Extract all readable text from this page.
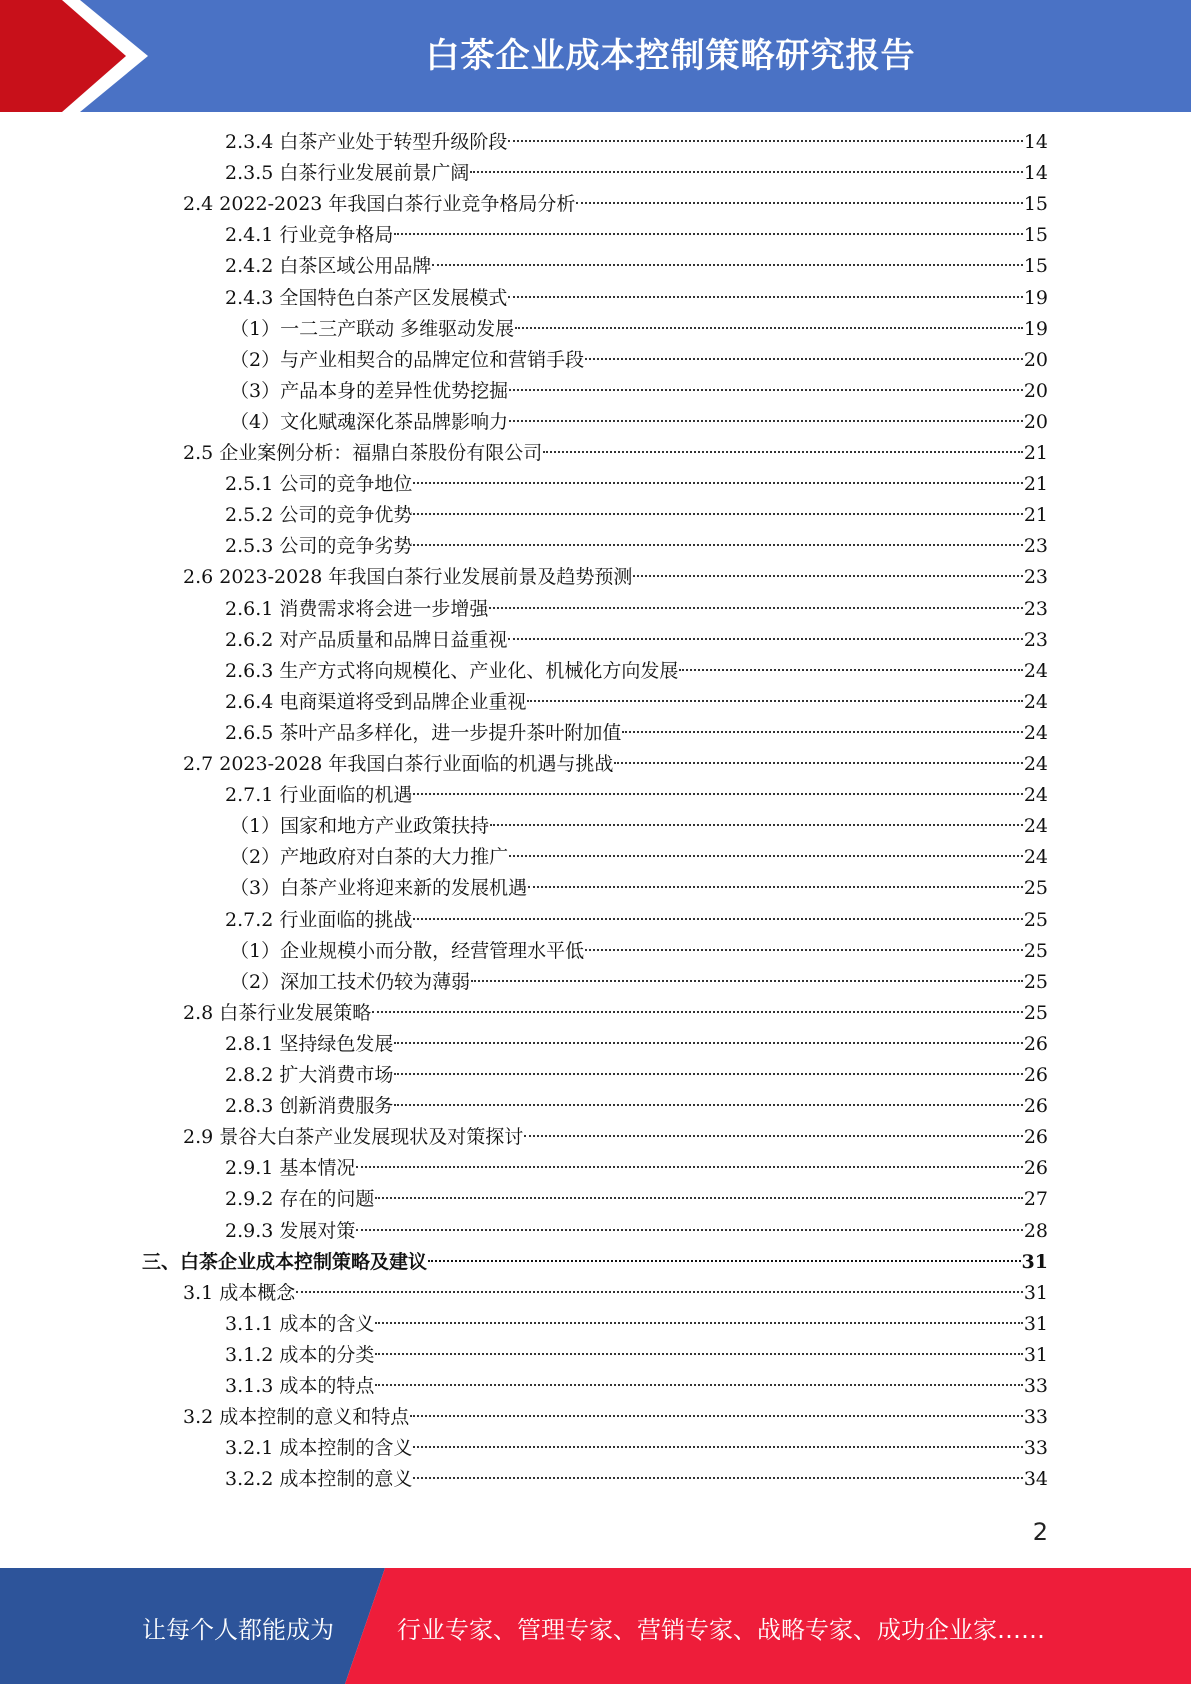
白茶企业成本控制策略研究报告
2.3.4 白茶产业处于转型升级阶段	14
2.3.5 白茶行业发展前景广阔	14
2.4 2022-2023 年我国白茶行业竞争格局分析	15
2.4.1 行业竞争格局	15
2.4.2 白茶区域公用品牌	15
2.4.3 全国特色白茶产区发展模式	19
（1）一二三产联动 多维驱动发展	19
（2）与产业相契合的品牌定位和营销手段	20
（3）产品本身的差异性优势挖掘	20
（4）文化赋魂深化茶品牌影响力	20
2.5 企业案例分析：福鼎白茶股份有限公司	21
2.5.1 公司的竞争地位	21
2.5.2 公司的竞争优势	21
2.5.3 公司的竞争劣势	23
2.6 2023-2028 年我国白茶行业发展前景及趋势预测	23
2.6.1 消费需求将会进一步增强	23
2.6.2 对产品质量和品牌日益重视	23
2.6.3 生产方式将向规模化、产业化、机械化方向发展	24
2.6.4 电商渠道将受到品牌企业重视	24
2.6.5 茶叶产品多样化，进一步提升茶叶附加值	24
2.7 2023-2028 年我国白茶行业面临的机遇与挑战	24
2.7.1 行业面临的机遇	24
（1）国家和地方产业政策扶持	24
（2）产地政府对白茶的大力推广	24
（3）白茶产业将迎来新的发展机遇	25
2.7.2 行业面临的挑战	25
（1）企业规模小而分散，经营管理水平低	25
（2）深加工技术仍较为薄弱	25
2.8 白茶行业发展策略	25
2.8.1 坚持绿色发展	26
2.8.2 扩大消费市场	26
2.8.3 创新消费服务	26
2.9 景谷大白茶产业发展现状及对策探讨	26
2.9.1 基本情况	26
2.9.2 存在的问题	27
2.9.3 发展对策	28
三、白茶企业成本控制策略及建议	31
3.1 成本概念	31
3.1.1 成本的含义	31
3.1.2 成本的分类	31
3.1.3 成本的特点	33
3.2 成本控制的意义和特点	33
3.2.1 成本控制的含义	33
3.2.2 成本控制的意义	34
2
让每个人都能成为	行业专家、管理专家、营销专家、战略专家、成功企业家……
